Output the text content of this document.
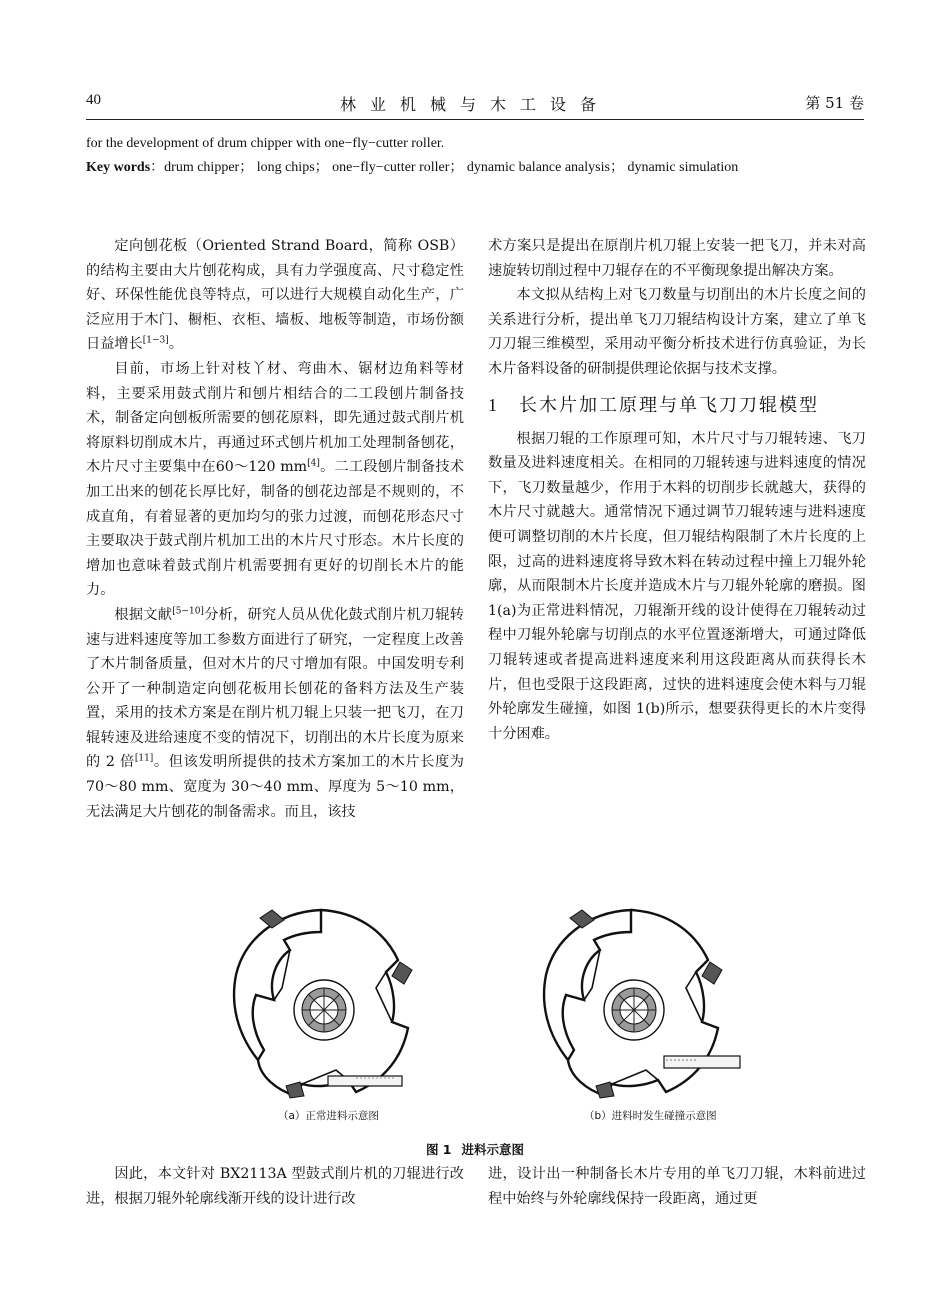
40	林业机械与木工设备	第 51 卷
for the development of drum chipper with one−fly−cutter roller.
Key words：drum chipper； long chips； one−fly−cutter roller； dynamic balance analysis； dynamic simulation

定向刨花板（Oriented Strand Board，简称 OSB）的结构主要由大片刨花构成，具有力学强度高、尺寸稳定性好、环保性能优良等特点，可以进行大规模自动化生产，广泛应用于木门、橱柜、衣柜、墙板、地板等制造，市场份额日益增长[1−3]。

目前，市场上针对枝丫材、弯曲木、锯材边角料等材料，主要采用鼓式削片和刨片相结合的二工段刨片制备技术，制备定向刨板所需要的刨花原料，即先通过鼓式削片机将原料切削成木片，再通过环式刨片机加工处理制备刨花，木片尺寸主要集中在60～120 mm[4]。二工段刨片制备技术加工出来的刨花长厚比好，制备的刨花边部是不规则的，不成直角，有着显著的更加均匀的张力过渡，而刨花形态尺寸主要取决于鼓式削片机加工出的木片尺寸形态。木片长度的增加也意味着鼓式削片机需要拥有更好的切削长木片的能力。

根据文献[5−10]分析，研究人员从优化鼓式削片机刀辊转速与进料速度等加工参数方面进行了研究，一定程度上改善了木片制备质量，但对木片的尺寸增加有限。中国发明专利公开了一种制造定向刨花板用长刨花的备料方法及生产装置，采用的技术方案是在削片机刀辊上只装一把飞刀，在刀辊转速及进给速度不变的情况下，切削出的木片长度为原来的 2 倍[11]。但该发明所提供的技术方案加工的木片长度为 70～80 mm、宽度为 30～40 mm、厚度为 5～10 mm，无法满足大片刨花的制备需求。而且，该技

术方案只是提出在原削片机刀辊上安装一把飞刀，并未对高速旋转切削过程中刀辊存在的不平衡现象提出解决方案。

本文拟从结构上对飞刀数量与切削出的木片长度之间的关系进行分析，提出单飞刀刀辊结构设计方案，建立了单飞刀刀辊三维模型，采用动平衡分析技术进行仿真验证，为长木片备料设备的研制提供理论依据与技术支撑。

1 长木片加工原理与单飞刀刀辊模型

根据刀辊的工作原理可知，木片尺寸与刀辊转速、飞刀数量及进料速度相关。在相同的刀辊转速与进料速度的情况下，飞刀数量越少，作用于木料的切削步长就越大，获得的木片尺寸就越大。通常情况下通过调节刀辊转速与进料速度便可调整切削的木片长度，但刀辊结构限制了木片长度的上限，过高的进料速度将导致木料在转动过程中撞上刀辊外轮廓，从而限制木片长度并造成木片与刀辊外轮廓的磨损。图 1(a)为正常进料情况，刀辊渐开线的设计使得在刀辊转动过程中刀辊外轮廓与切削点的水平位置逐渐增大，可通过降低刀辊转速或者提高进料速度来利用这段距离从而获得长木片，但也受限于这段距离，过快的进料速度会使木料与刀辊外轮廓发生碰撞，如图 1(b)所示，想要获得更长的木片变得十分困难。

（a）正常进料示意图	（b）进料时发生碰撞示意图
图 1 进料示意图

因此，本文针对 BX2113A 型鼓式削片机的刀辊进行改进，根据刀辊外轮廓线渐开线的设计进行改

进，设计出一种制备长木片专用的单飞刀刀辊，木料前进过程中始终与外轮廓线保持一段距离，通过更
